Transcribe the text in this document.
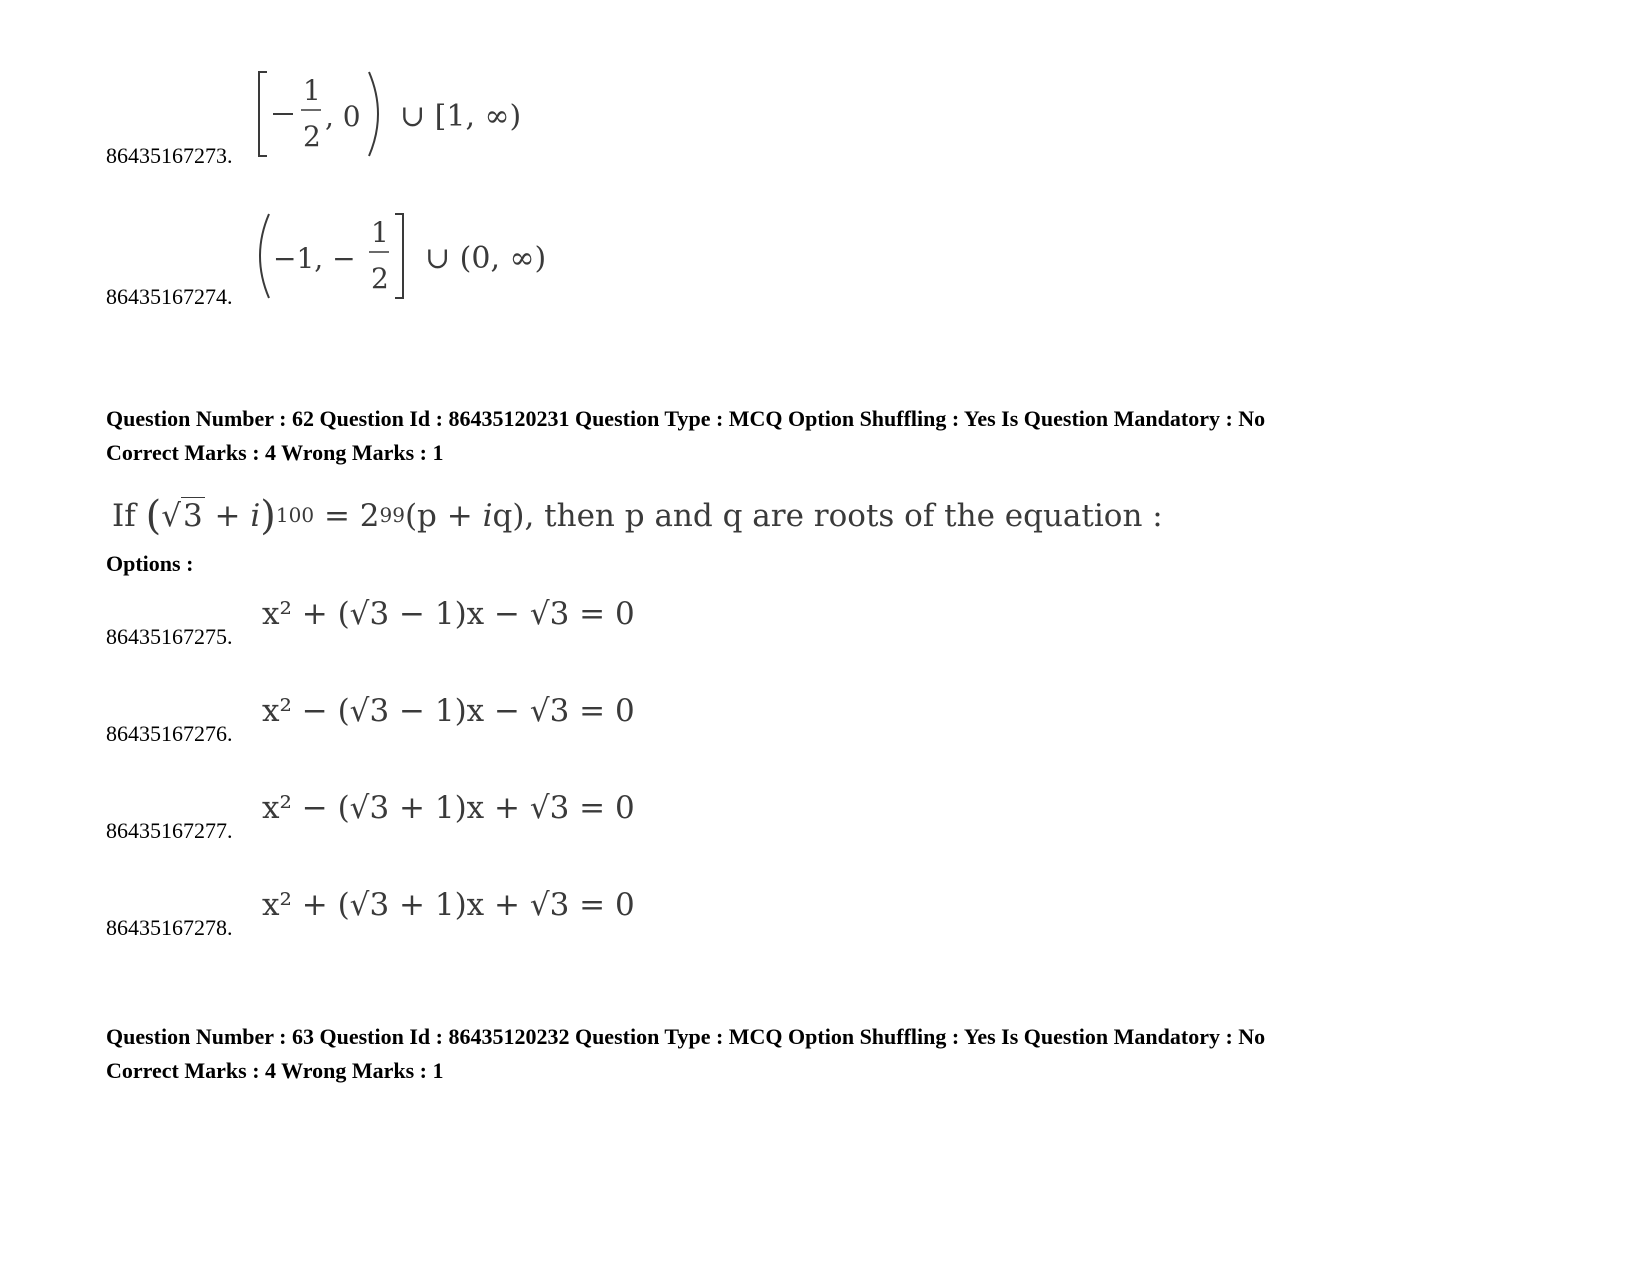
86435167273.
1
2
, 0 ∪ [1, ∞)
86435167274.
−1, −
1
2
∪ (0, ∞)
Question Number : 62 Question Id : 86435120231 Question Type : MCQ Option Shuffling : Yes Is Question Mandatory : No
Correct Marks : 4 Wrong Marks : 1
If $(√3 + i)^{100} = 2^{99}(p + iq)$, then p and q are roots of the equation :
Options :
86435167275.
x² + (√3 − 1)x − √3 = 0
86435167276.
x² − (√3 − 1)x − √3 = 0
86435167277.
x² − (√3 + 1)x + √3 = 0
86435167278.
x² + (√3 + 1)x + √3 = 0
Question Number : 63 Question Id : 86435120232 Question Type : MCQ Option Shuffling : Yes Is Question Mandatory : No
Correct Marks : 4 Wrong Marks : 1
